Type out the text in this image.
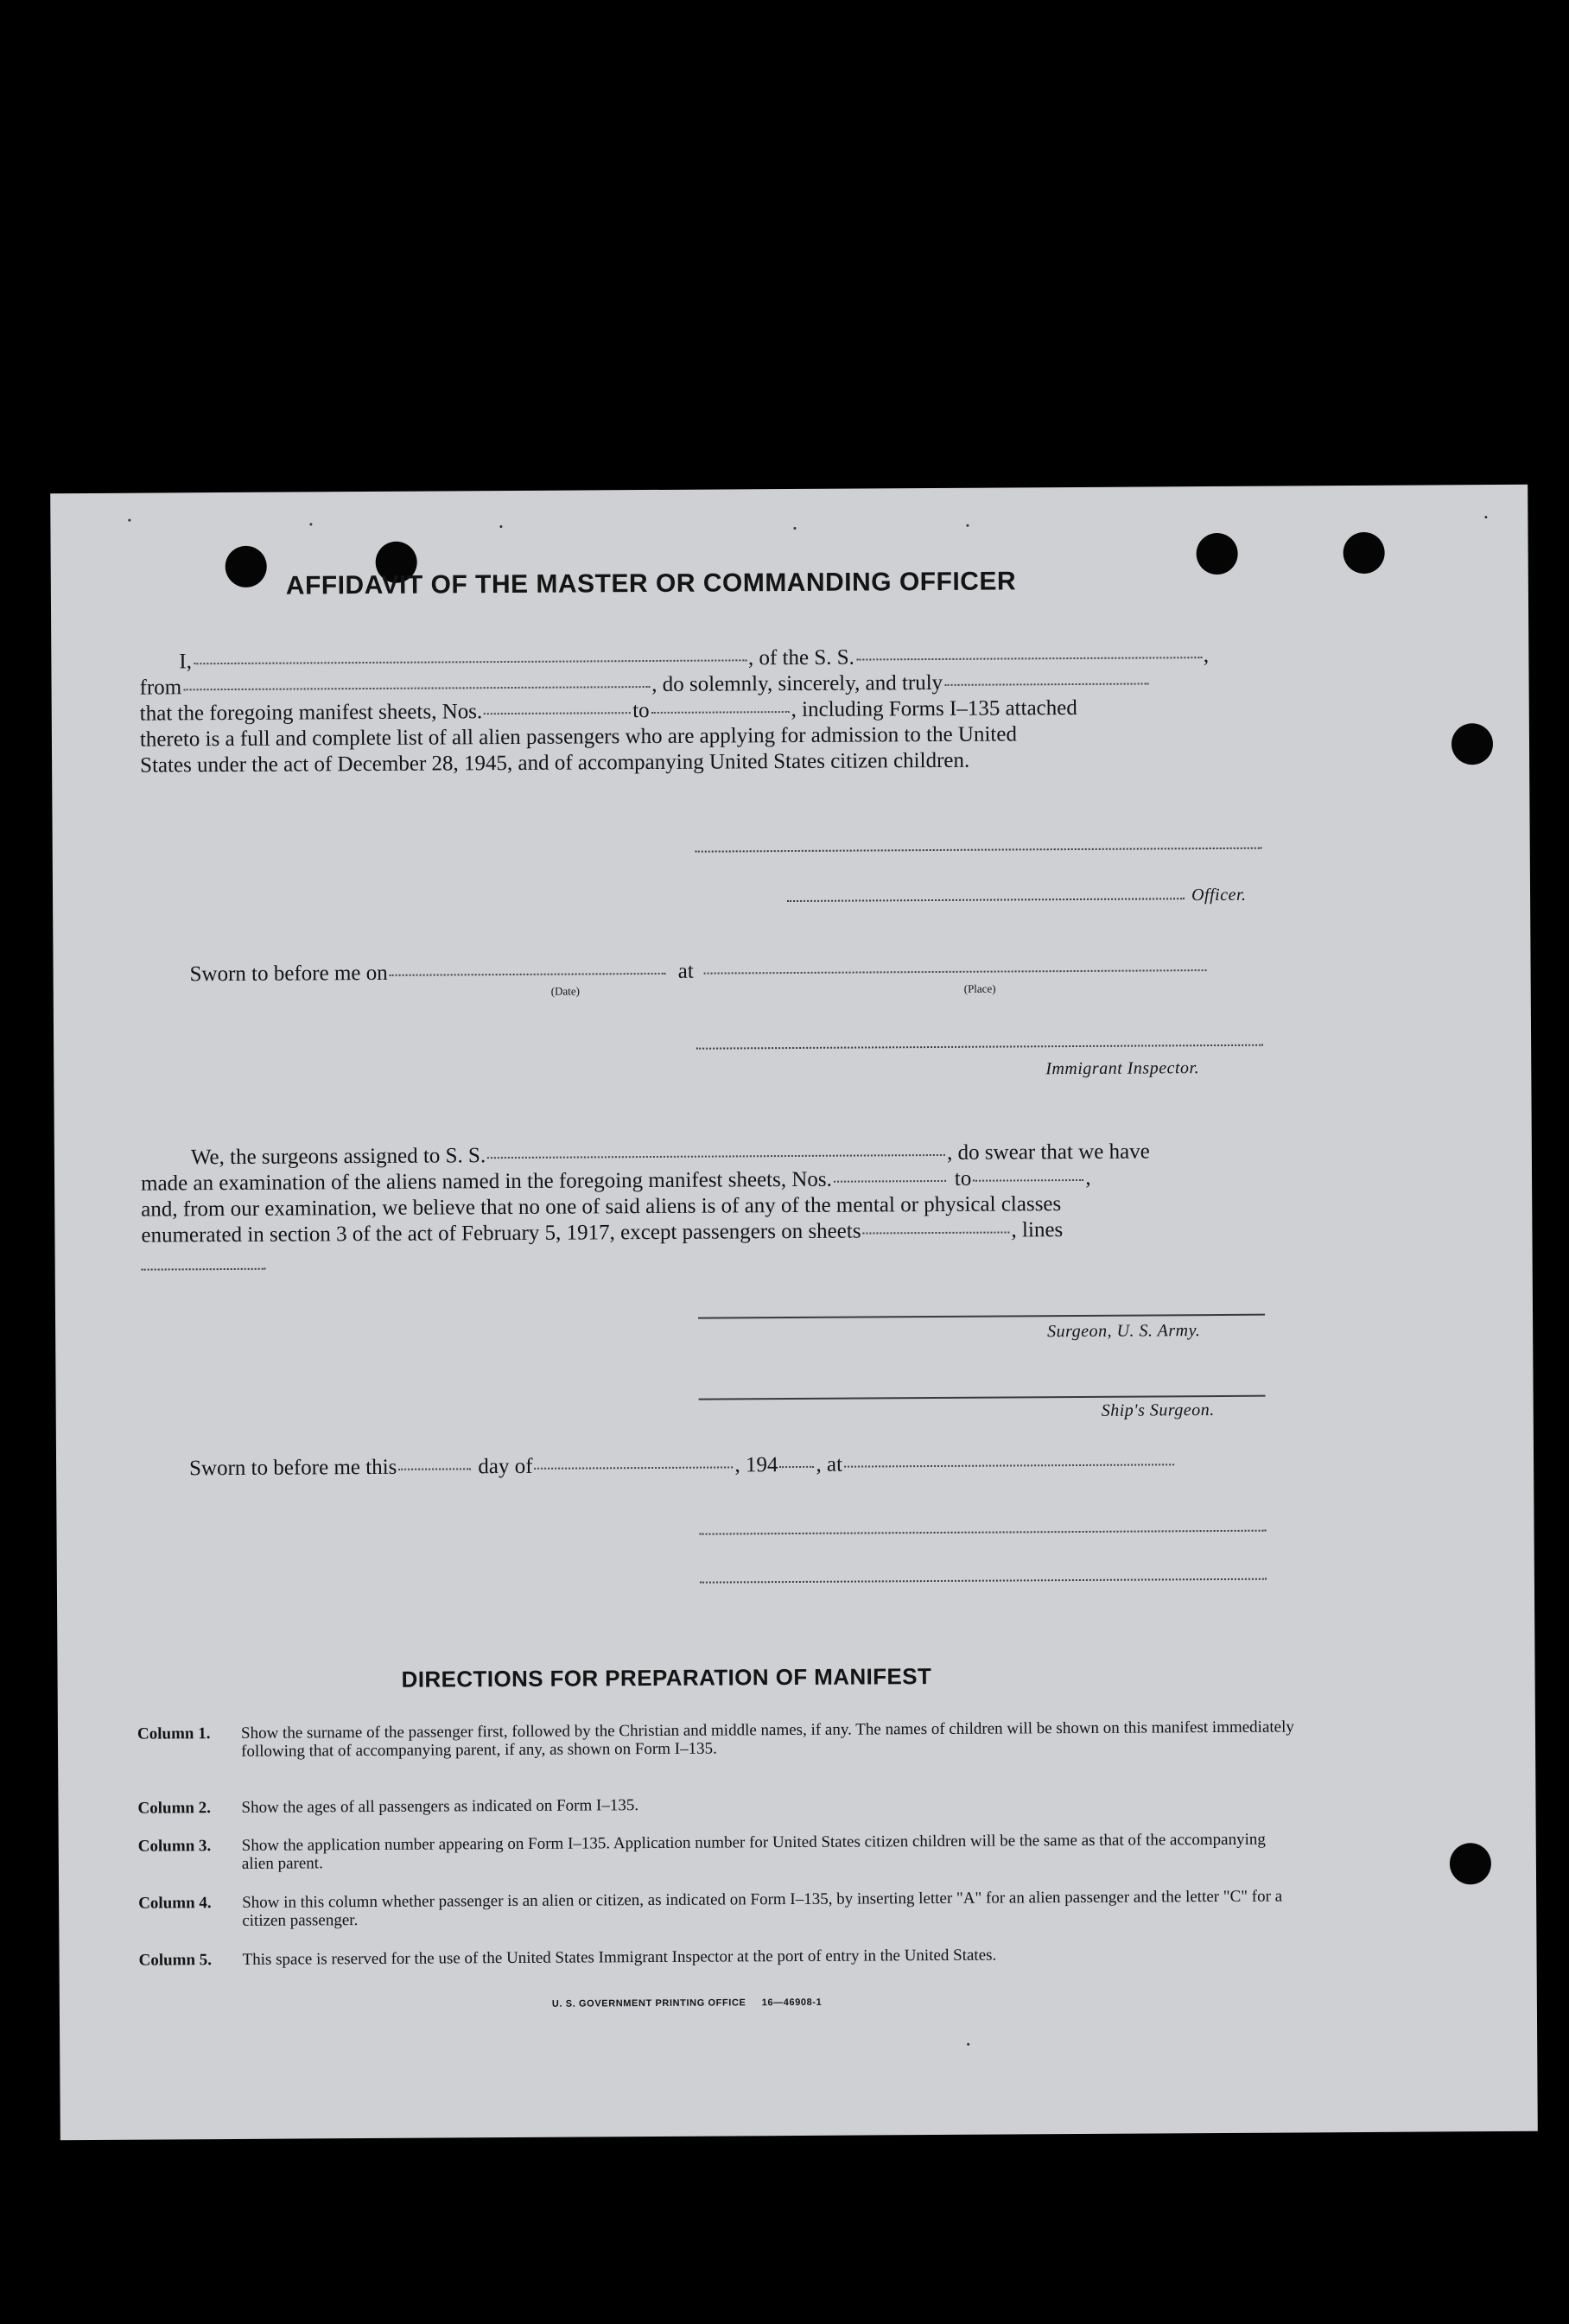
AFFIDAVIT OF THE MASTER OR COMMANDING OFFICER
I,	, of the S. S.	,
from	, do solemnly, sincerely, and truly
that the foregoing manifest sheets, Nos.	to	, including Forms I–135 attached
thereto is a full and complete list of all alien passengers who are applying for admission to the United
States under the act of December 28, 1945, and of accompanying United States citizen children.
Officer.
Sworn to before me on	at
(Date)	(Place)
Immigrant Inspector.
We, the surgeons assigned to S. S.	, do swear that we have
made an examination of the aliens named in the foregoing manifest sheets, Nos.	to	,
and, from our examination, we believe that no one of said aliens is of any of the mental or physical classes
enumerated in section 3 of the act of February 5, 1917, except passengers on sheets	, lines
Surgeon, U. S. Army.
Ship's Surgeon.
Sworn to before me this	day of	, 194 , at
DIRECTIONS FOR PREPARATION OF MANIFEST
Column 1.	Show the surname of the passenger first, followed by the Christian and middle names, if any. The names of children will be shown on this manifest immediately following that of accompanying parent, if any, as shown on Form I–135.
Column 2.	Show the ages of all passengers as indicated on Form I–135.
Column 3.	Show the application number appearing on Form I–135. Application number for United States citizen children will be the same as that of the accompanying alien parent.
Column 4.	Show in this column whether passenger is an alien or citizen, as indicated on Form I–135, by inserting letter "A" for an alien passenger and the letter "C" for a citizen passenger.
Column 5.	This space is reserved for the use of the United States Immigrant Inspector at the port of entry in the United States.
U. S. GOVERNMENT PRINTING OFFICE     16—46908-1
